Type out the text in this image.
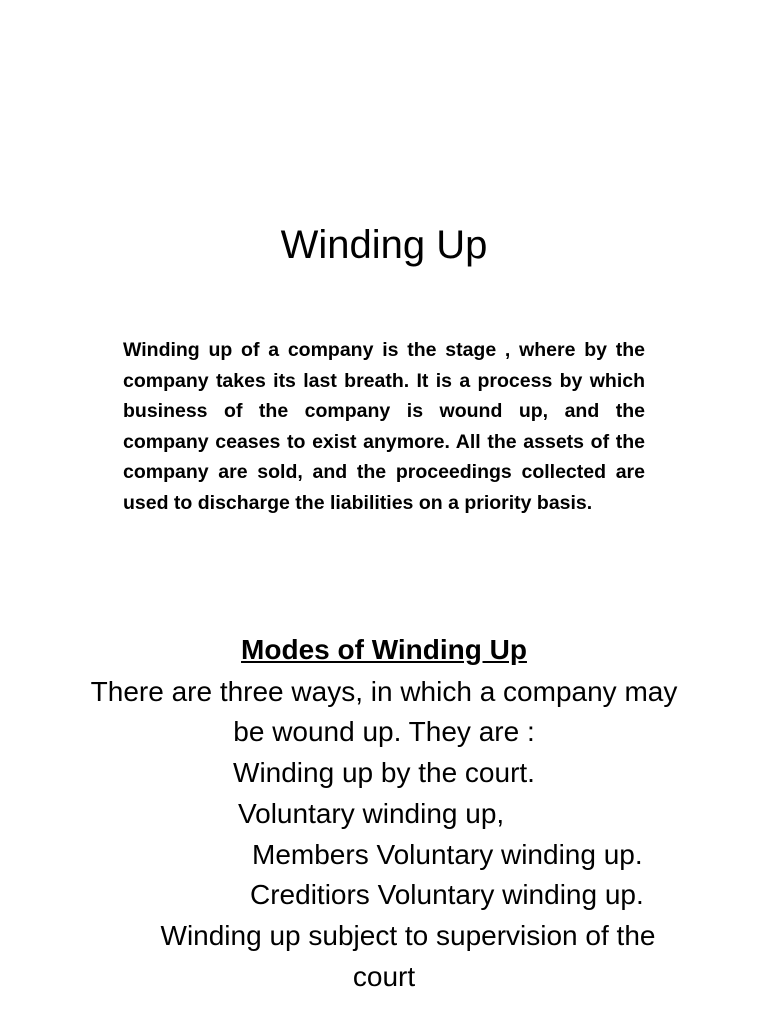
Winding Up

Winding up of a company is the stage , where by the company takes its last breath. It is a process by which business of the company is wound up, and the company ceases to exist anymore. All the assets of the company are sold, and the proceedings collected are used to discharge the liabilities on a priority basis.

Modes of Winding Up

There are three ways, in which a company may

be wound up. They are :

Winding up by the court.

Voluntary winding up,

Members Voluntary winding up.

Creditiors Voluntary winding up.

Winding up subject to supervision of the

court
